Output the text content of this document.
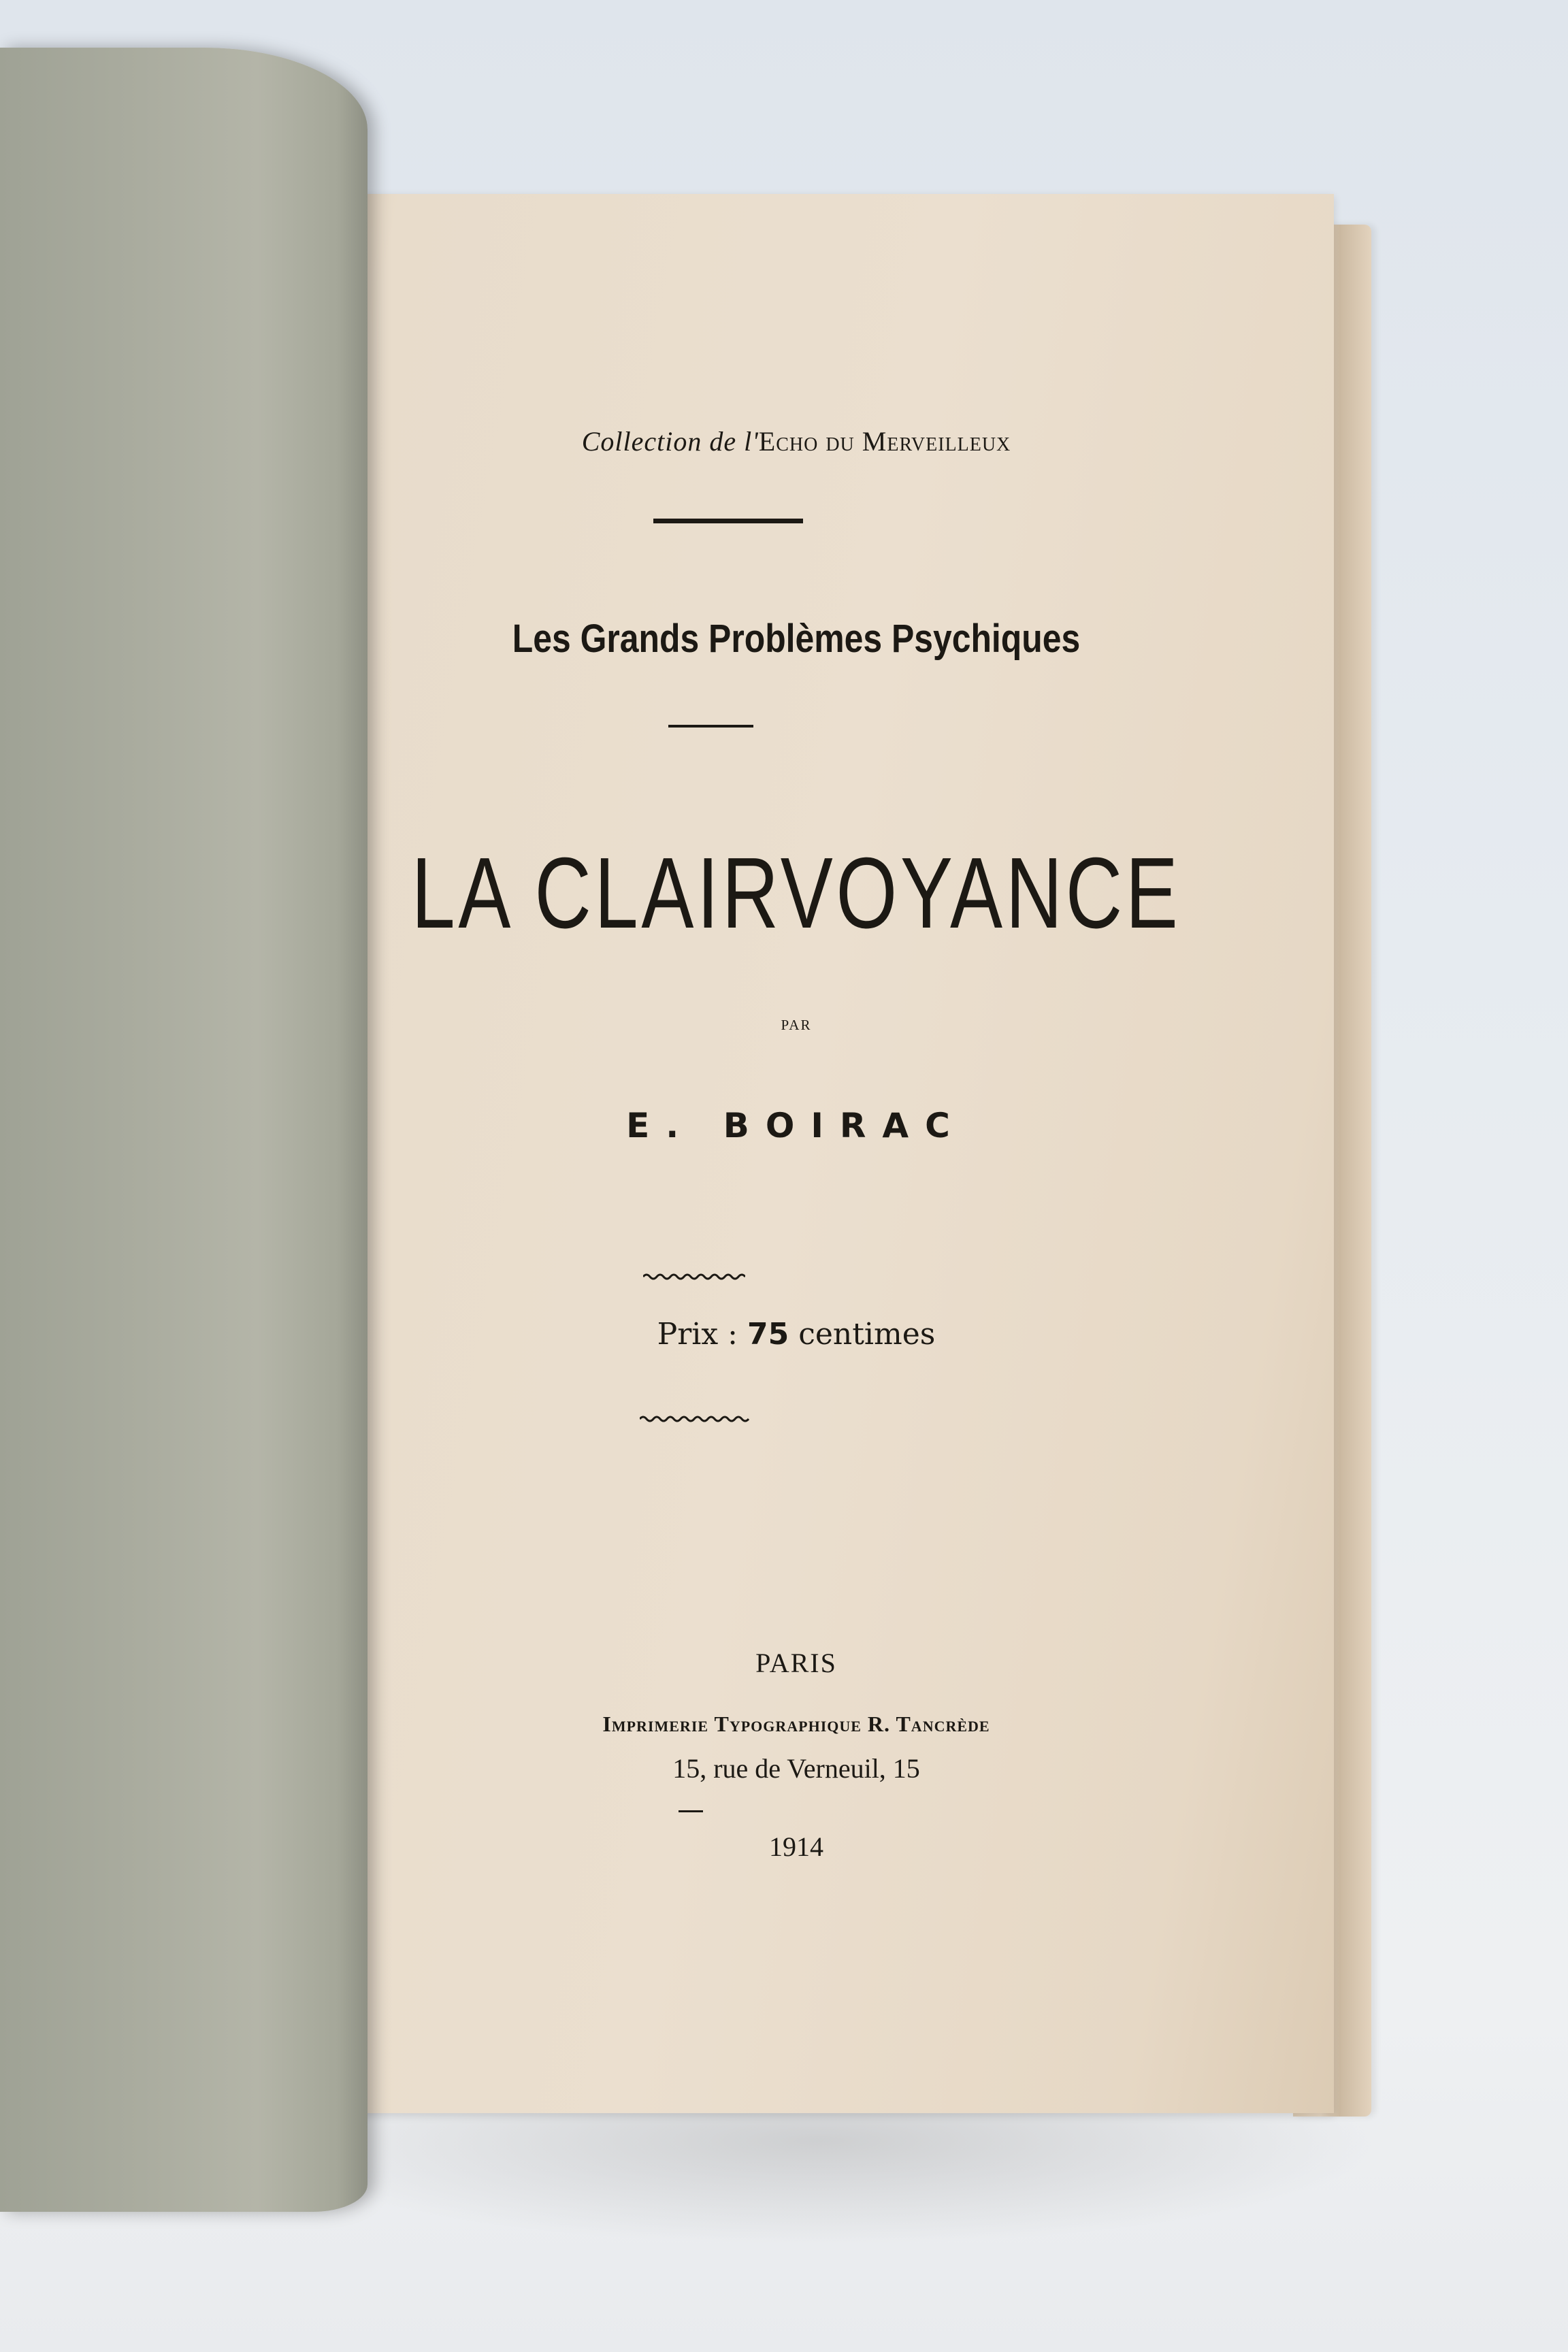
Collection de l'Echo du Merveilleux
Les Grands Problèmes Psychiques
LA CLAIRVOYANCE
par
E. BOIRAC
Prix : 75 centimes
PARIS
Imprimerie Typographique R. Tancrède
15, rue de Verneuil, 15
1914
